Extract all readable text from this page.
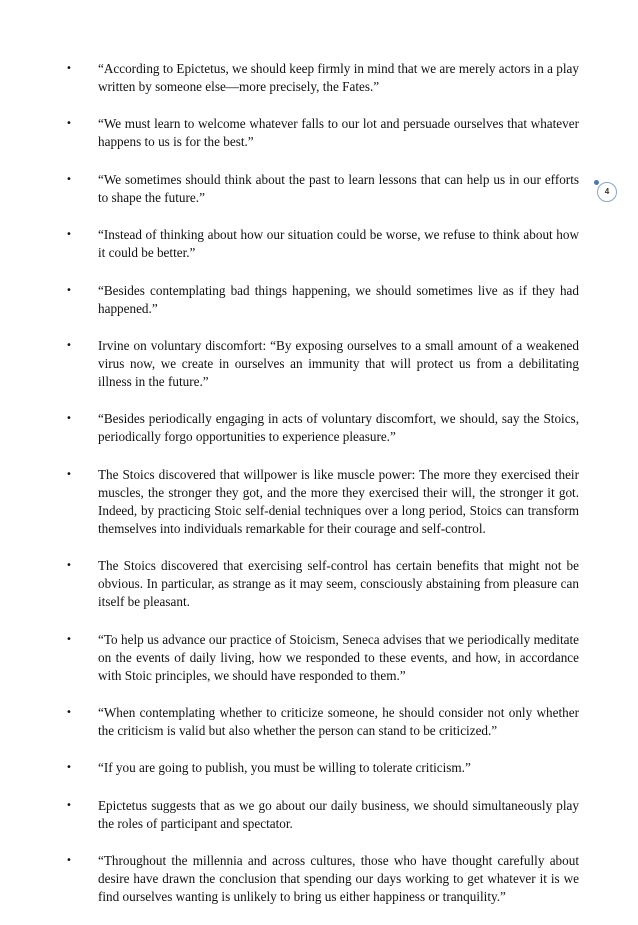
4
• “According to Epictetus, we should keep firmly in mind that we are merely actors in a play written by someone else—more precisely, the Fates.”
• “We must learn to welcome whatever falls to our lot and persuade ourselves that whatever happens to us is for the best.”
• “We sometimes should think about the past to learn lessons that can help us in our efforts to shape the future.”
• “Instead of thinking about how our situation could be worse, we refuse to think about how it could be better.”
• “Besides contemplating bad things happening, we should sometimes live as if they had happened.”
• Irvine on voluntary discomfort: “By exposing ourselves to a small amount of a weakened virus now, we create in ourselves an immunity that will protect us from a debilitating illness in the future.”
• “Besides periodically engaging in acts of voluntary discomfort, we should, say the Stoics, periodically forgo opportunities to experience pleasure.”
• The Stoics discovered that willpower is like muscle power: The more they exercised their muscles, the stronger they got, and the more they exercised their will, the stronger it got. Indeed, by practicing Stoic self-denial techniques over a long period, Stoics can transform themselves into individuals remarkable for their courage and self-control.
• The Stoics discovered that exercising self-control has certain benefits that might not be obvious. In particular, as strange as it may seem, consciously abstaining from pleasure can itself be pleasant.
• “To help us advance our practice of Stoicism, Seneca advises that we periodically meditate on the events of daily living, how we responded to these events, and how, in accordance with Stoic principles, we should have responded to them.”
• “When contemplating whether to criticize someone, he should consider not only whether the criticism is valid but also whether the person can stand to be criticized.”
• “If you are going to publish, you must be willing to tolerate criticism.”
• Epictetus suggests that as we go about our daily business, we should simultaneously play the roles of participant and spectator.
• “Throughout the millennia and across cultures, those who have thought carefully about desire have drawn the conclusion that spending our days working to get whatever it is we find ourselves wanting is unlikely to bring us either happiness or tranquility.”
